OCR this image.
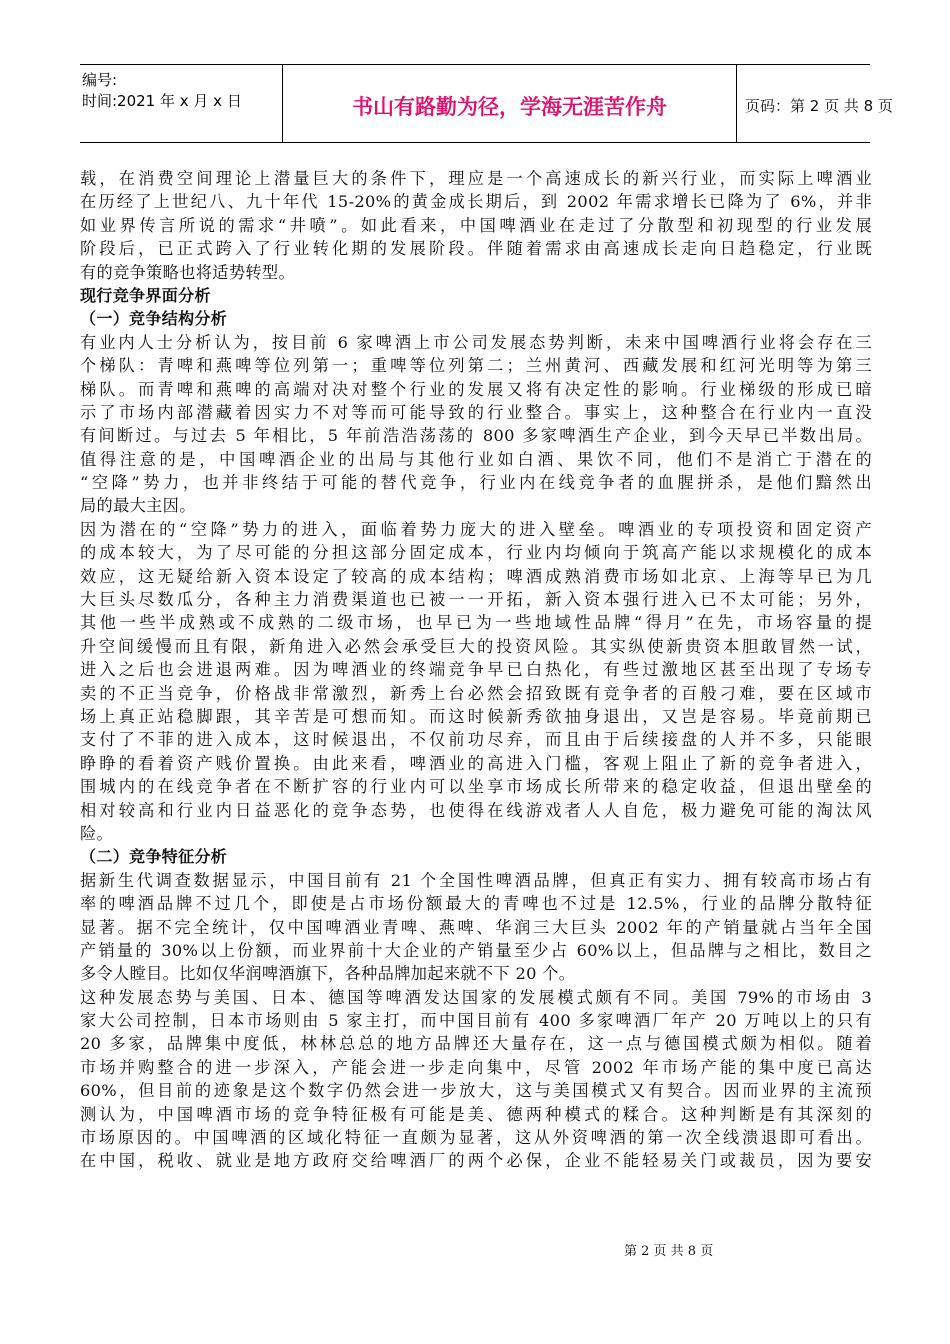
编号:
时间:2021 年 x 月 x 日	书山有路勤为径，学海无涯苦作舟	页码：第 2 页 共 8 页
载，在消费空间理论上潜量巨大的条件下，理应是一个高速成长的新兴行业，而实际上啤酒业
在历经了上世纪八、九十年代 15-20%的黄金成长期后，到 2002 年需求增长已降为了 6%，并非
如业界传言所说的需求“井喷”。如此看来，中国啤酒业在走过了分散型和初现型的行业发展
阶段后，已正式跨入了行业转化期的发展阶段。伴随着需求由高速成长走向日趋稳定，行业既
有的竞争策略也将适势转型。
现行竞争界面分析
（一）竞争结构分析
有业内人士分析认为，按目前 6 家啤酒上市公司发展态势判断，未来中国啤酒行业将会存在三
个梯队：青啤和燕啤等位列第一；重啤等位列第二；兰州黄河、西藏发展和红河光明等为第三
梯队。而青啤和燕啤的高端对决对整个行业的发展又将有决定性的影响。行业梯级的形成已暗
示了市场内部潜藏着因实力不对等而可能导致的行业整合。事实上，这种整合在行业内一直没
有间断过。与过去 5 年相比，5 年前浩浩荡荡的 800 多家啤酒生产企业，到今天早已半数出局。
值得注意的是，中国啤酒企业的出局与其他行业如白酒、果饮不同，他们不是消亡于潜在的
“空降”势力，也并非终结于可能的替代竞争，行业内在线竞争者的血腥拼杀，是他们黯然出
局的最大主因。
因为潜在的“空降”势力的进入，面临着势力庞大的进入壁垒。啤酒业的专项投资和固定资产
的成本较大，为了尽可能的分担这部分固定成本，行业内均倾向于筑高产能以求规模化的成本
效应，这无疑给新入资本设定了较高的成本结构；啤酒成熟消费市场如北京、上海等早已为几
大巨头尽数瓜分，各种主力消费渠道也已被一一开拓，新入资本强行进入已不太可能；另外，
其他一些半成熟或不成熟的二级市场，也早已为一些地域性品牌“得月”在先，市场容量的提
升空间缓慢而且有限，新角进入必然会承受巨大的投资风险。其实纵使新贵资本胆敢冒然一试，
进入之后也会进退两难。因为啤酒业的终端竞争早已白热化，有些过激地区甚至出现了专场专
卖的不正当竞争，价格战非常激烈，新秀上台必然会招致既有竞争者的百般刁难，要在区域市
场上真正站稳脚跟，其辛苦是可想而知。而这时候新秀欲抽身退出，又岂是容易。毕竟前期已
支付了不菲的进入成本，这时候退出，不仅前功尽弃，而且由于后续接盘的人并不多，只能眼
睁睁的看着资产贱价置换。由此来看，啤酒业的高进入门槛，客观上阻止了新的竞争者进入，
围城内的在线竞争者在不断扩容的行业内可以坐享市场成长所带来的稳定收益，但退出壁垒的
相对较高和行业内日益恶化的竞争态势，也使得在线游戏者人人自危，极力避免可能的淘汰风
险。
（二）竞争特征分析
据新生代调查数据显示，中国目前有 21 个全国性啤酒品牌，但真正有实力、拥有较高市场占有
率的啤酒品牌不过几个，即使是占市场份额最大的青啤也不过是 12.5%，行业的品牌分散特征
显著。据不完全统计，仅中国啤酒业青啤、燕啤、华润三大巨头 2002 年的产销量就占当年全国
产销量的 30%以上份额，而业界前十大企业的产销量至少占 60%以上，但品牌与之相比，数目之
多令人瞠目。比如仅华润啤酒旗下，各种品牌加起来就不下 20 个。
这种发展态势与美国、日本、德国等啤酒发达国家的发展模式颇有不同。美国 79%的市场由 3
家大公司控制，日本市场则由 5 家主打，而中国目前有 400 多家啤酒厂年产 20 万吨以上的只有
20 多家，品牌集中度低，林林总总的地方品牌还大量存在，这一点与德国模式颇为相似。随着
市场并购整合的进一步深入，产能会进一步走向集中，尽管 2002 年市场产能的集中度已高达
60%，但目前的迹象是这个数字仍然会进一步放大，这与美国模式又有契合。因而业界的主流预
测认为，中国啤酒市场的竞争特征极有可能是美、德两种模式的糅合。这种判断是有其深刻的
市场原因的。中国啤酒的区域化特征一直颇为显著，这从外资啤酒的第一次全线溃退即可看出。
在中国，税收、就业是地方政府交给啤酒厂的两个必保，企业不能轻易关门或裁员，因为要安
第 2 页 共 8 页
